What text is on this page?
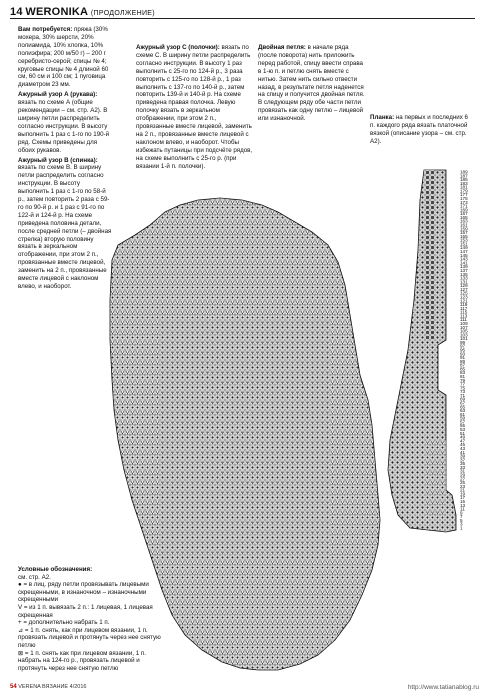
14 WERONIKA (ПРОДОЛЖЕНИЕ)
189
187
185
183
181
179
177
175
173
171
169
167
165
163
161
159
157
155
153
151
149
147
145
143
141
139
137
135
133
131
129
127
125
123
121
119
117
115
113
111
109
107
105
103
101
99
97
95
93
91
89
87
85
83
81
79
77
75
73
71
69
67
65
63
61
59
57
55
53
51
49
47
45
43
41
39
37
35
33
31
29
27
25
23
21
19
17
15
13
11
9
7
5
3
1

Вам потребуется: пряжа (30% мохера, 30% шерсти, 20% полиамида, 10% хлопка, 10% полиэфира; 200 м/50 г) – 200 г серебристо-серой; спицы № 4; круговые спицы № 4 длиной 60 см, 60 см и 100 см; 1 пуговица диаметром 23 мм.

Ажурный узор А (рукава): вязать по схеме А (общие рекомендации – см. стр. А2). В ширину петли распределить согласно инструкции. В высоту выполнить 1 раз с 1-го по 190-й ряд. Схемы приведены для обоих рукавов.

Ажурный узор В (спинка): вязать по схеме В. В ширину петли распределить согласно инструкции. В высоту выполнить 1 раз с 1-го по 58-й р., затем повторить 2 раза с 59-го по 90-й р. и 1 раз с 91-го по 122-й и 124-й р. На схеме приведена половина детали, после средней петли (– двойная стрелка) вторую половину вязать в зеркальном отображении, при этом 2 п., провязанные вместе лицевой, заменить на 2 п., провязанные вместе лицевой с наклоном влево, и наоборот.

Ажурный узор С (полочки): вязать по схеме С. В ширину петли распределить согласно инструкции. В высоту 1 раз выполнить с 25-го по 124-й р., 3 раза повторить с 125-го по 128-й р., 1 раз выполнить с 137-го по 140-й р., затем повторить 139-й и 140-й р. На схеме приведена правая полочка. Левую полочку вязать в зеркальном отображении, при этом 2 п., провязанные вместе лицевой, заменить на 2 п., провязанные вместе лицевой с наклоном влево, и наоборот. Чтобы избежать путаницы при подсчёте рядов, на схеме выполнить с 25-го р. (при вязании 1-й п. полочки).

Двойная петля: в начале ряда (после поворота) нить приложить перед работой, спицу ввести справа в 1-ю п. и петлю снять вместе с нитью. Затем нить сильно отвести назад, в результате петля наденется на спицу и получится двойная петля. В следующем ряду обе части петли провязать как одну петлю – лицевой или изнаночной.	Планка: на первых и последних 6 п. каждого ряда вязать платочной вязкой (описание узора – см. стр. А2).

Условные обозначения:
см. стр. А2.
● = в лиц. ряду петли провязывать лицевыми скрещенными, в изнаночном – изнаночными скрещенными
V = из 1 п. вывязать 2 п.: 1 лицевая, 1 лицевая скрещенная
+ = дополнительно набрать 1 п.
⊿ = 1 п. снять, как при лицевом вязании, 1 п. провязать лицевой и протянуть через нее снятую петлю
⊠ = 1 п. снять как при лицевом вязании, 1 п. набрать на 124-го р., провязать лицевой и протянуть через нее снятую петлю
54 VERENA ВЯЗАНИЕ 4/2016	http://www.tatianablog.ru
